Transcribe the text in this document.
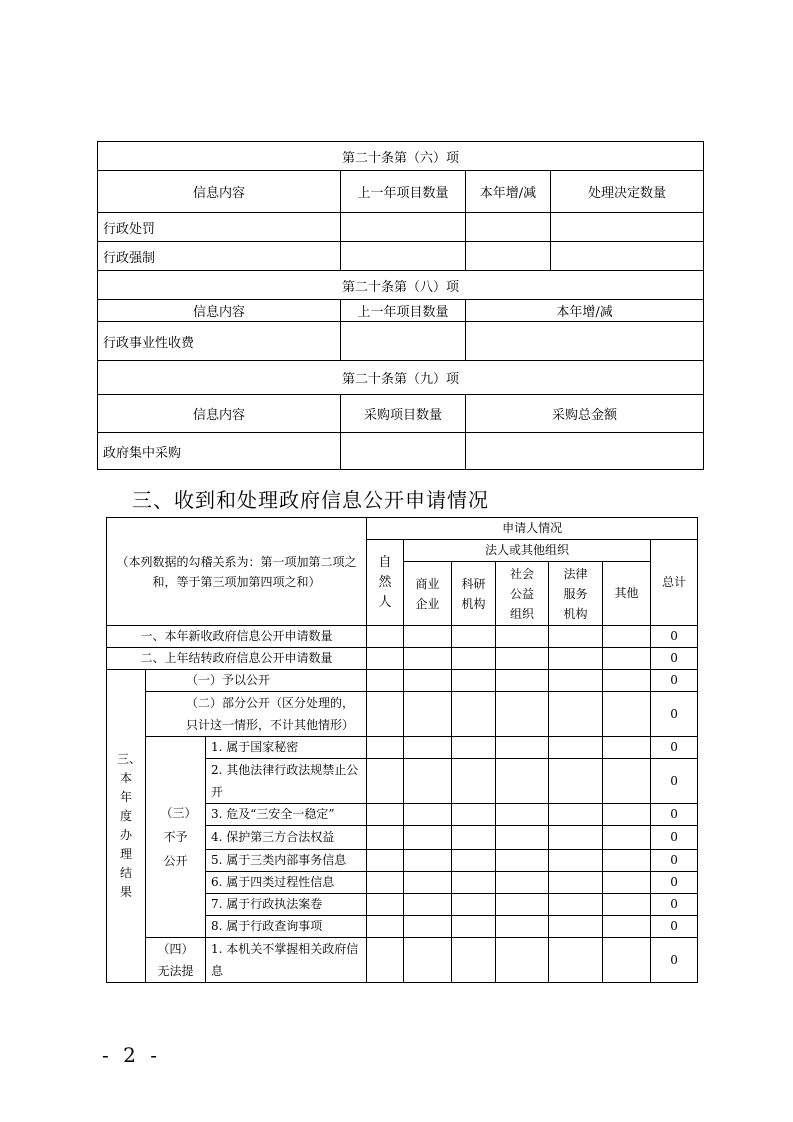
第二十条第（六）项			
信息内容	上一年项目数量	本年增/减	处理决定数量
行政处罚			
行政强制			
第二十条第（八）项			
信息内容	上一年项目数量	本年增/减	
行政事业性收费			
第二十条第（九）项			
信息内容	采购项目数量	采购总金额	
政府集中采购			
三、收到和处理政府信息公开申请情况
（本列数据的勾稽关系为：第一项加第二项之和，等于第三项加第四项之和）			申请人情况						
			自然人	法人或其他组织					总计
				商业企业	科研机构	社会公益组织	法律服务机构	其他	
一、本年新收政府信息公开申请数量									0
二、上年结转政府信息公开申请数量									0
三、本年度办理结果	（一）予以公开								0
	（二）部分公开（区分处理的，只计这一情形，不计其他情形）								0
	（三）不予公开	1. 属于国家秘密							0
		2. 其他法律行政法规禁止公开							0
		3. 危及“三安全一稳定”							0
		4. 保护第三方合法权益							0
		5. 属于三类内部事务信息							0
		6. 属于四类过程性信息							0
		7. 属于行政执法案卷							0
		8. 属于行政查询事项							0
	（四）无法提	1. 本机关不掌握相关政府信息							0
- 2 -
